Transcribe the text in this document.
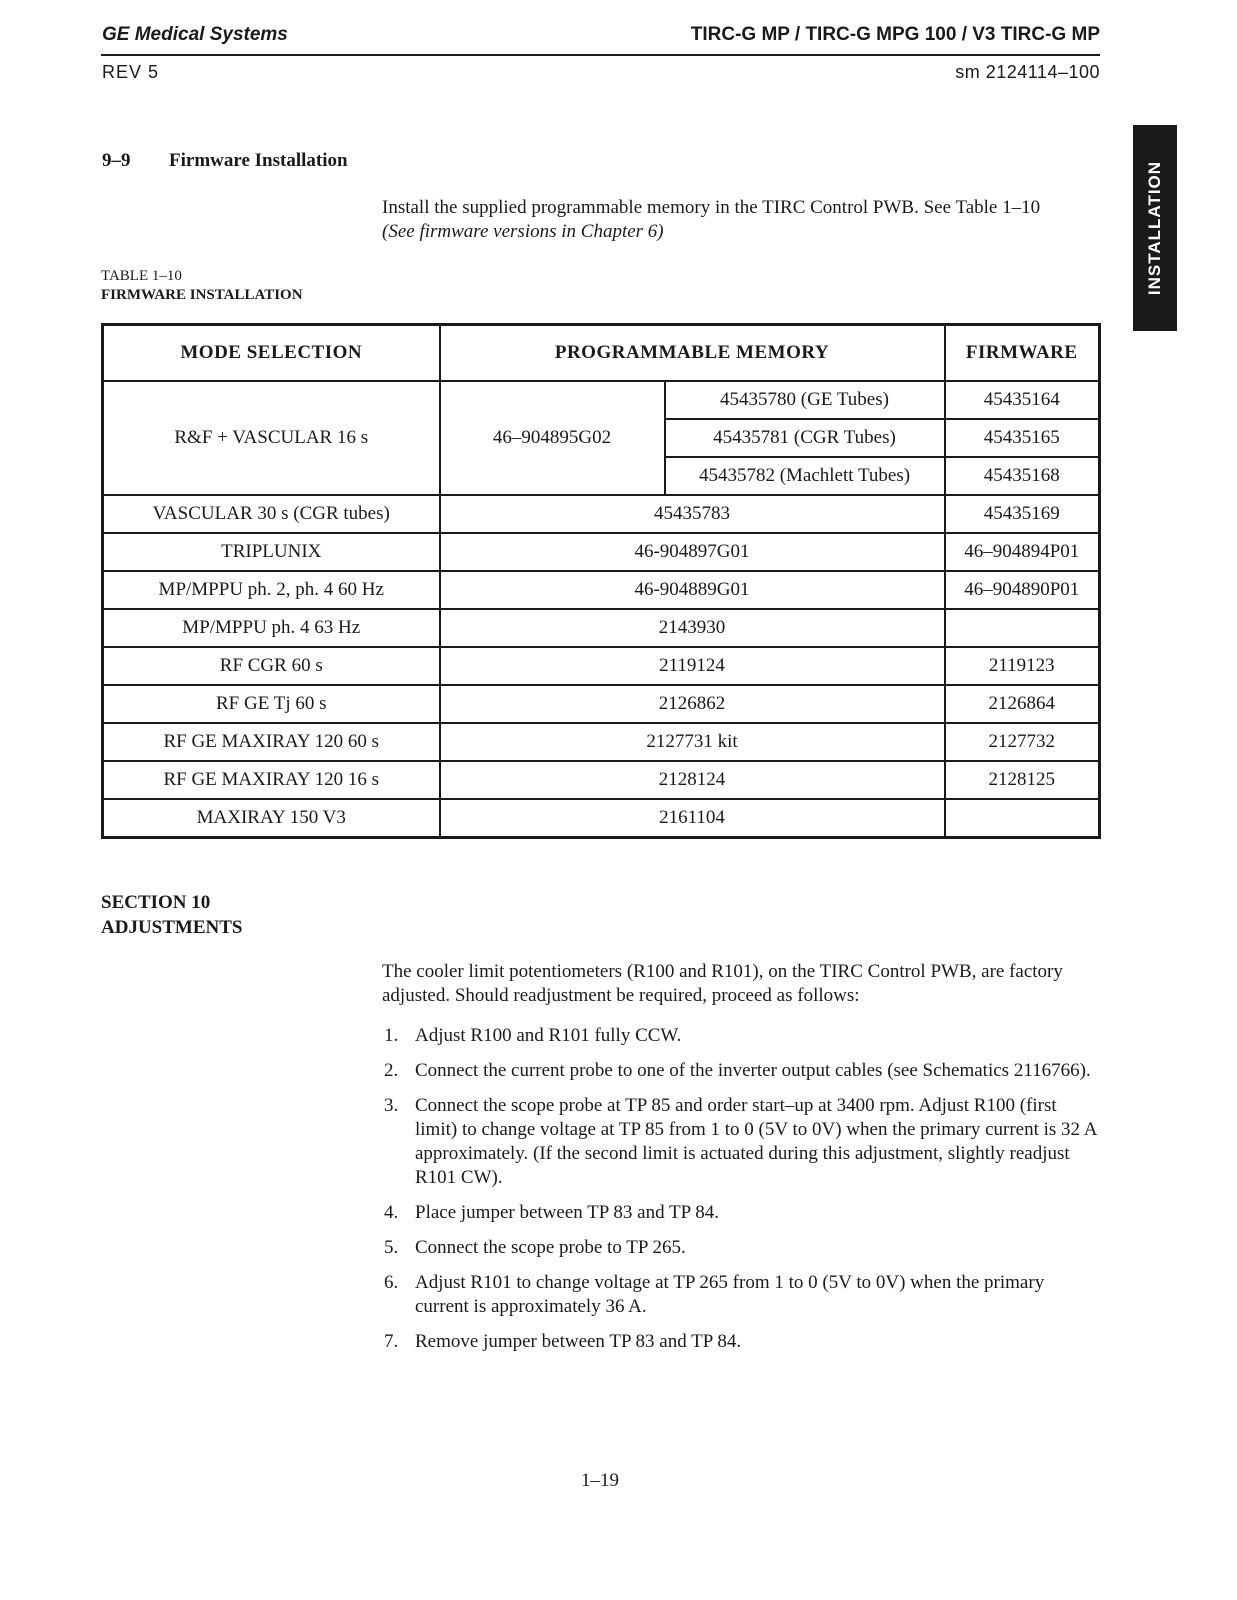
GE Medical Systems	TIRC-G MP / TIRC-G MPG 100 / V3 TIRC-G MP
REV 5	sm 2124114–100
INSTALLATION
9–9 Firmware Installation
Install the supplied programmable memory in the TIRC Control PWB. See Table 1–10
(See firmware versions in Chapter 6)
TABLE 1–10
FIRMWARE INSTALLATION
MODE SELECTION	PROGRAMMABLE MEMORY		FIRMWARE
R&F + VASCULAR 16 s	46–904895G02	45435780 (GE Tubes)	45435164
		45435781 (CGR Tubes)	45435165
		45435782 (Machlett Tubes)	45435168
VASCULAR 30 s (CGR tubes)	45435783		45435169
TRIPLUNIX	46-904897G01		46–904894P01
MP/MPPU ph. 2, ph. 4 60 Hz	46-904889G01		46–904890P01
MP/MPPU ph. 4 63 Hz	2143930		
RF CGR 60 s	2119124		2119123
RF GE Tj 60 s	2126862		2126864
RF GE MAXIRAY 120 60 s	2127731 kit		2127732
RF GE MAXIRAY 120 16 s	2128124		2128125
MAXIRAY 150 V3	2161104		
SECTION 10
ADJUSTMENTS
The cooler limit potentiometers (R100 and R101), on the TIRC Control PWB, are factory adjusted. Should readjustment be required, proceed as follows:
1. Adjust R100 and R101 fully CCW.
2. Connect the current probe to one of the inverter output cables (see Schematics 2116766).
3. Connect the scope probe at TP 85 and order start–up at 3400 rpm. Adjust R100 (first limit) to change voltage at TP 85 from 1 to 0 (5V to 0V) when the primary current is 32 A approximately. (If the second limit is actuated during this adjustment, slightly readjust R101 CW).
4. Place jumper between TP 83 and TP 84.
5. Connect the scope probe to TP 265.
6. Adjust R101 to change voltage at TP 265 from 1 to 0 (5V to 0V) when the primary current is approximately 36 A.
7. Remove jumper between TP 83 and TP 84.
1–19
